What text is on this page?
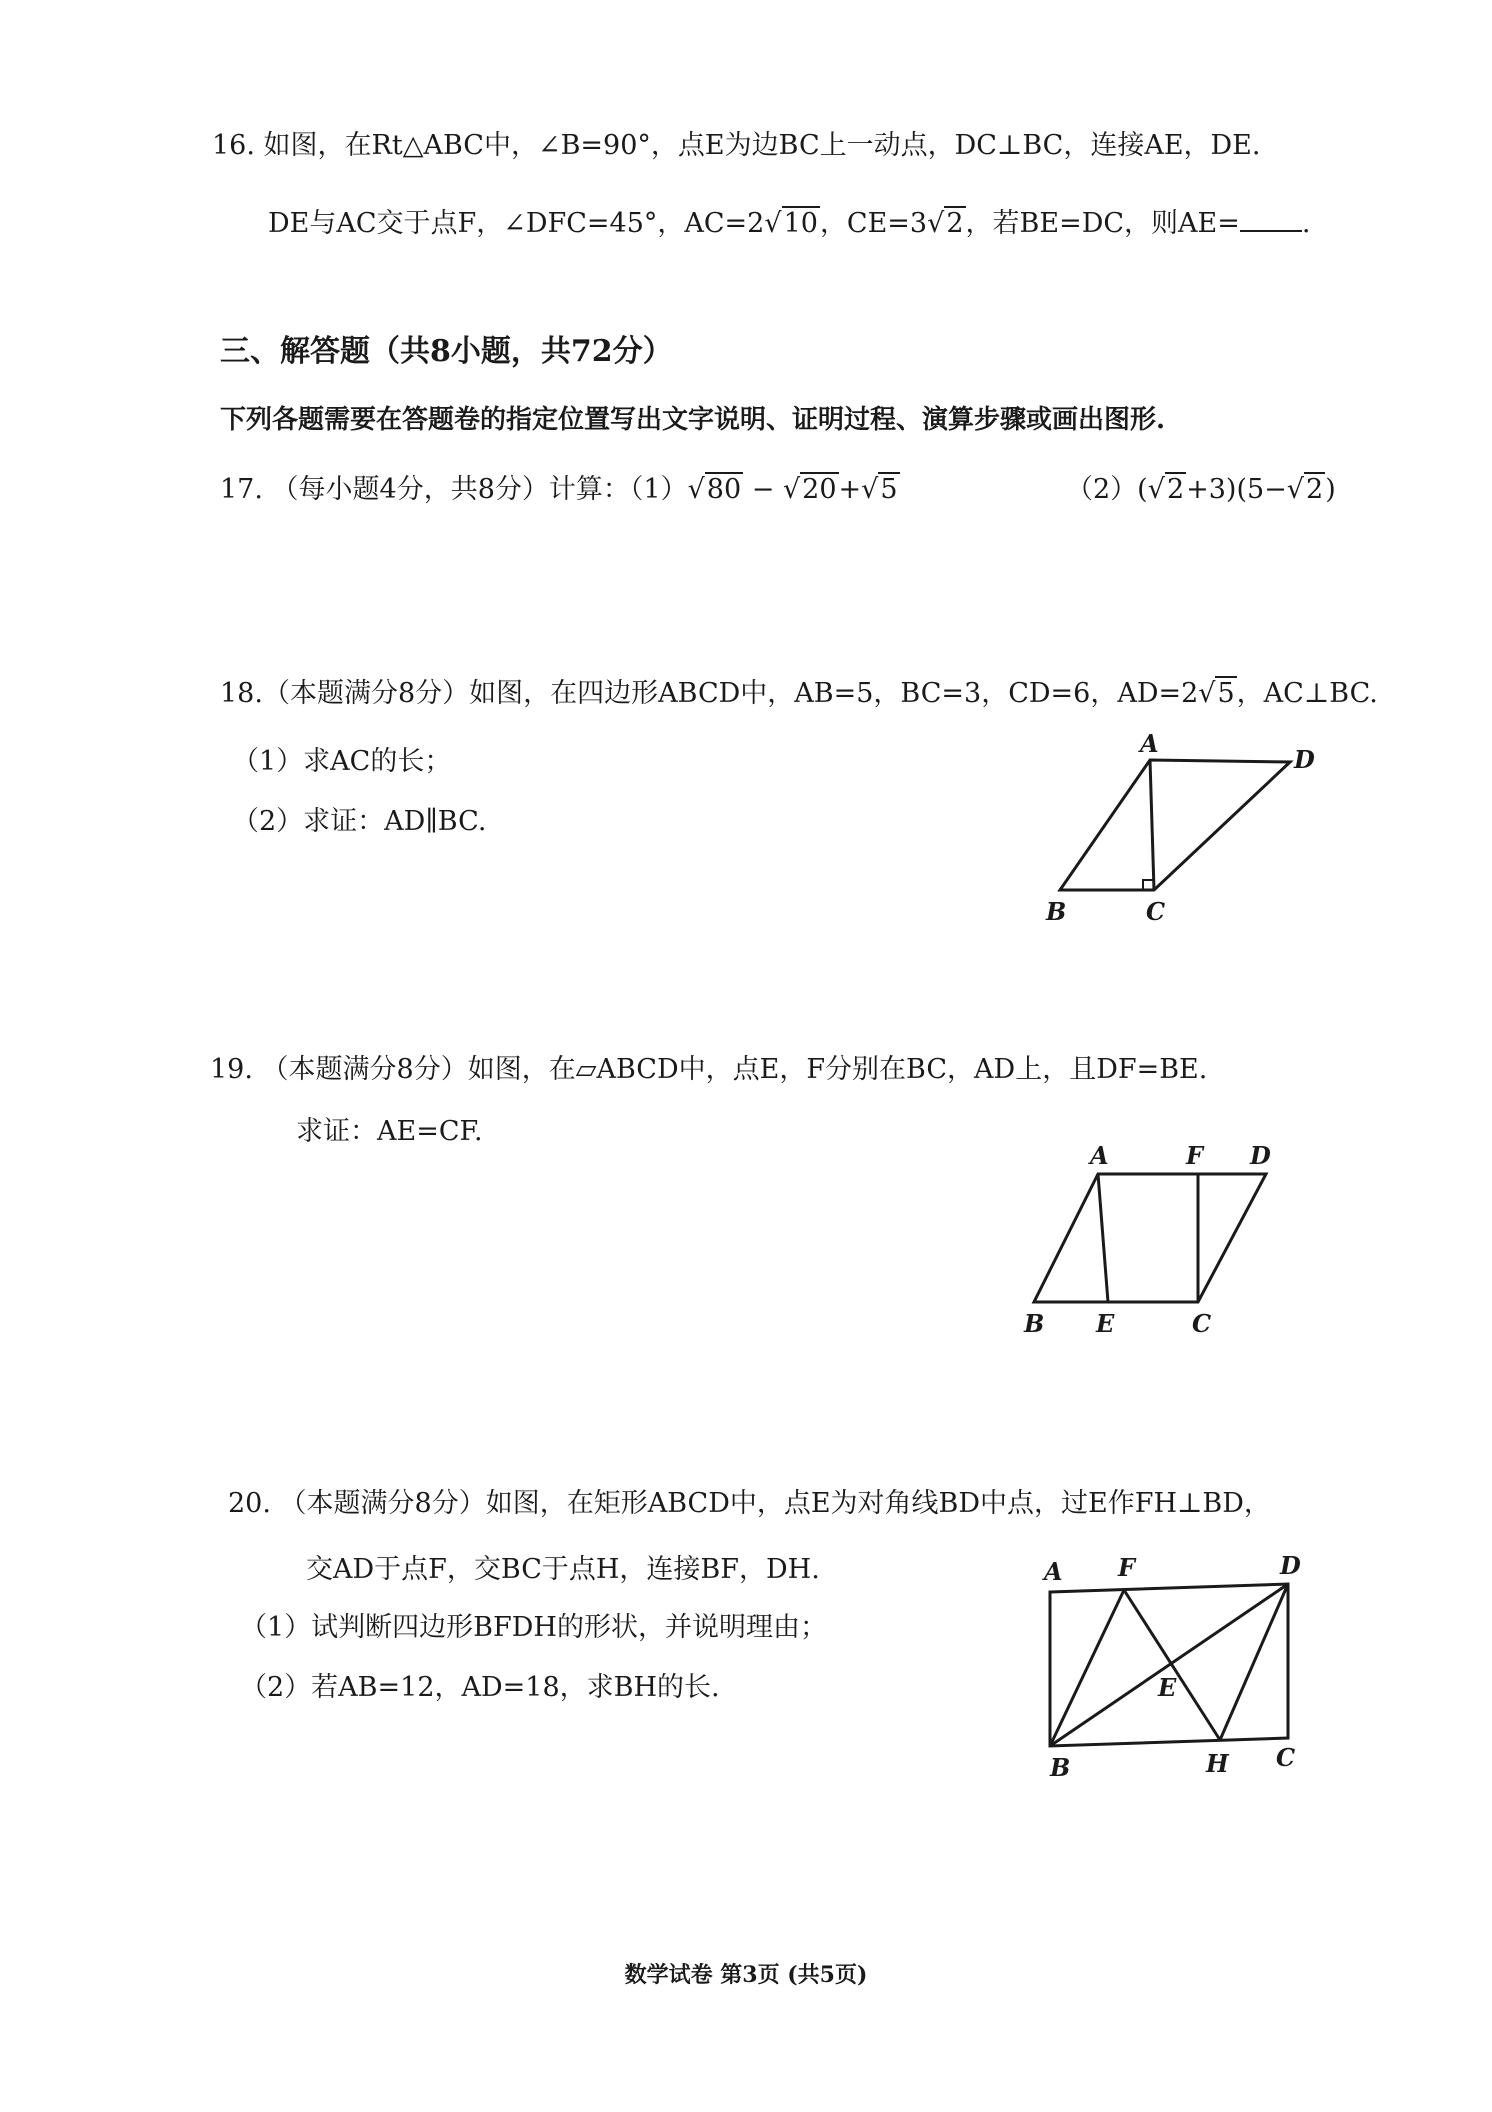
16. 如图，在Rt△ABC中，∠B=90°，点E为边BC上一动点，DC⊥BC，连接AE，DE.
DE与AC交于点F，∠DFC=45°，AC=2√10，CE=3√2，若BE=DC，则AE= .
三、解答题（共8小题，共72分）
下列各题需要在答题卷的指定位置写出文字说明、证明过程、演算步骤或画出图形.
17. （每小题4分，共8分）计算：（1）√80 − √20+√5	（2）(√2+3)(5−√2)
18.（本题满分8分）如图，在四边形ABCD中，AB=5，BC=3，CD=6，AD=2√5，AC⊥BC.
（1）求AC的长；
（2）求证：AD∥BC.
A
D
B	C
19. （本题满分8分）如图，在▱ABCD中，点E，F分别在BC，AD上，且DF=BE.
求证：AE=CF.
A	F D
B E	C
20. （本题满分8分）如图，在矩形ABCD中，点E为对角线BD中点，过E作FH⊥BD，
交AD于点F，交BC于点H，连接BF，DH.
（1）试判断四边形BFDH的形状，并说明理由；
（2）若AB=12，AD=18，求BH的长.
A F	D
E
B	H C
数学试卷 第3页 (共5页)
